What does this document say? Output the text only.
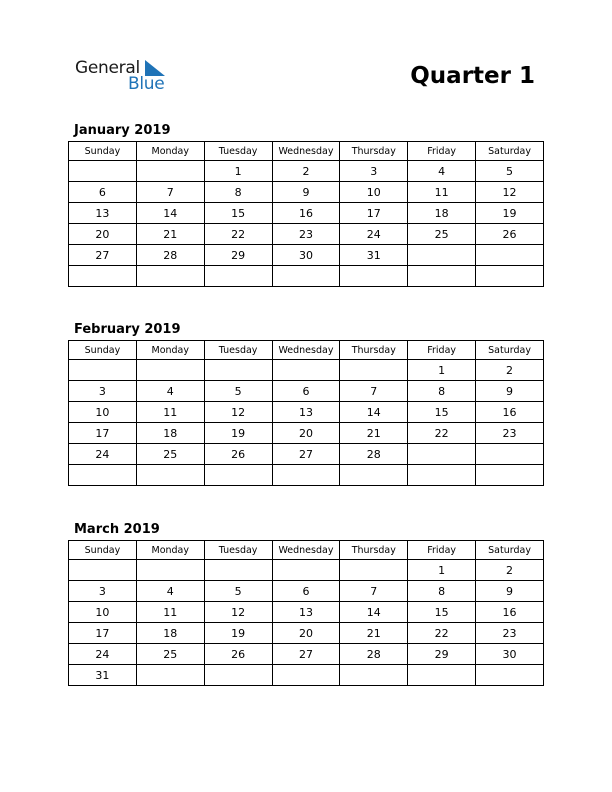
General
Blue	Quarter 1
January 2019
Sunday	Monday	Tuesday	Wednesday	Thursday	Friday	Saturday
		1	2	3	4	5
6	7	8	9	10	11	12
13	14	15	16	17	18	19
20	21	22	23	24	25	26
27	28	29	30	31		

February 2019
Sunday	Monday	Tuesday	Wednesday	Thursday	Friday	Saturday
					1	2
3	4	5	6	7	8	9
10	11	12	13	14	15	16
17	18	19	20	21	22	23
24	25	26	27	28		

March 2019
Sunday	Monday	Tuesday	Wednesday	Thursday	Friday	Saturday
					1	2
3	4	5	6	7	8	9
10	11	12	13	14	15	16
17	18	19	20	21	22	23
24	25	26	27	28	29	30
31						
